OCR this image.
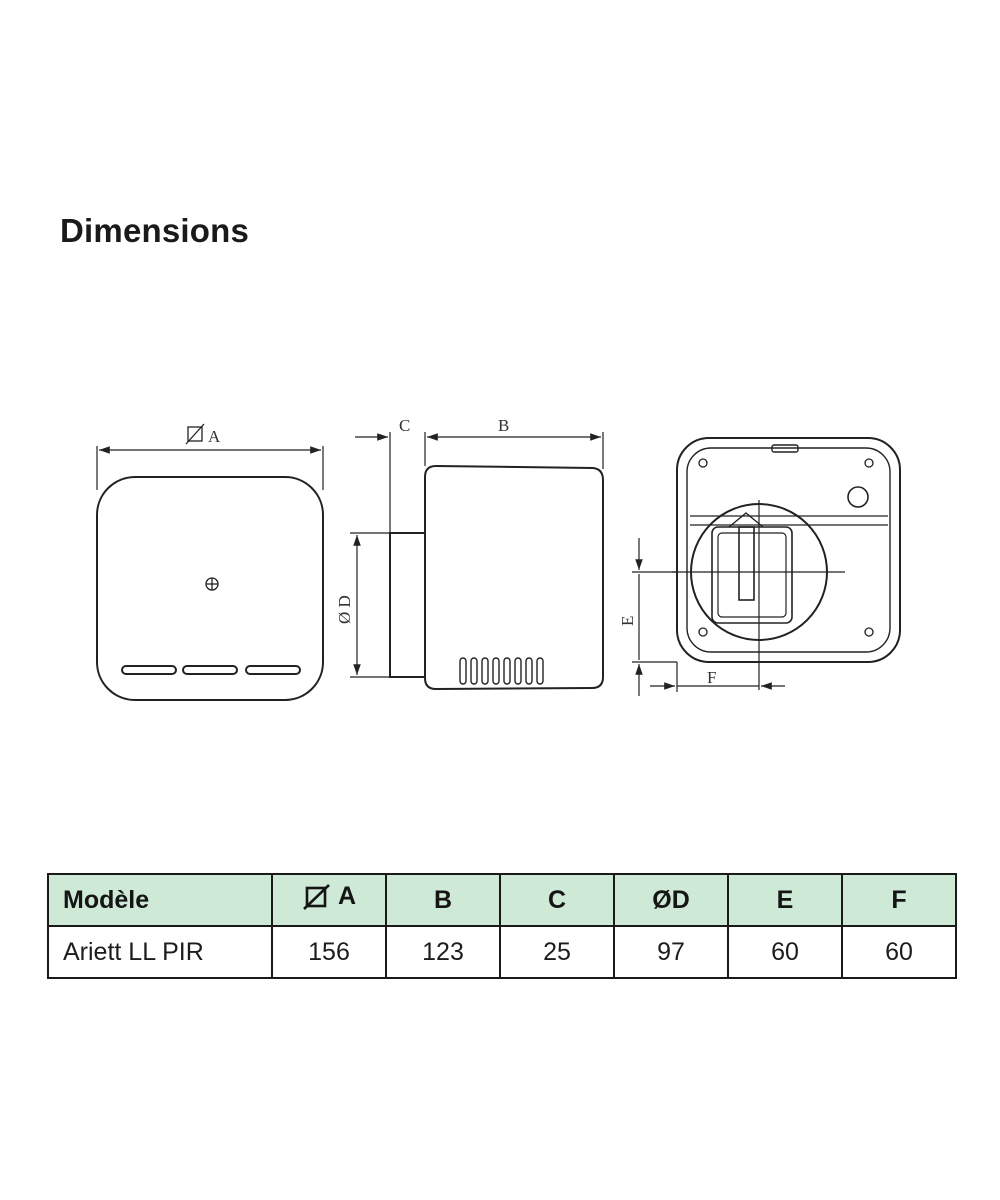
Dimensions
A
C	B
Ø D	E
F
Modèle	A	B	C	ØD	E	F
Ariett LL PIR	156	123	25	97	60	60
